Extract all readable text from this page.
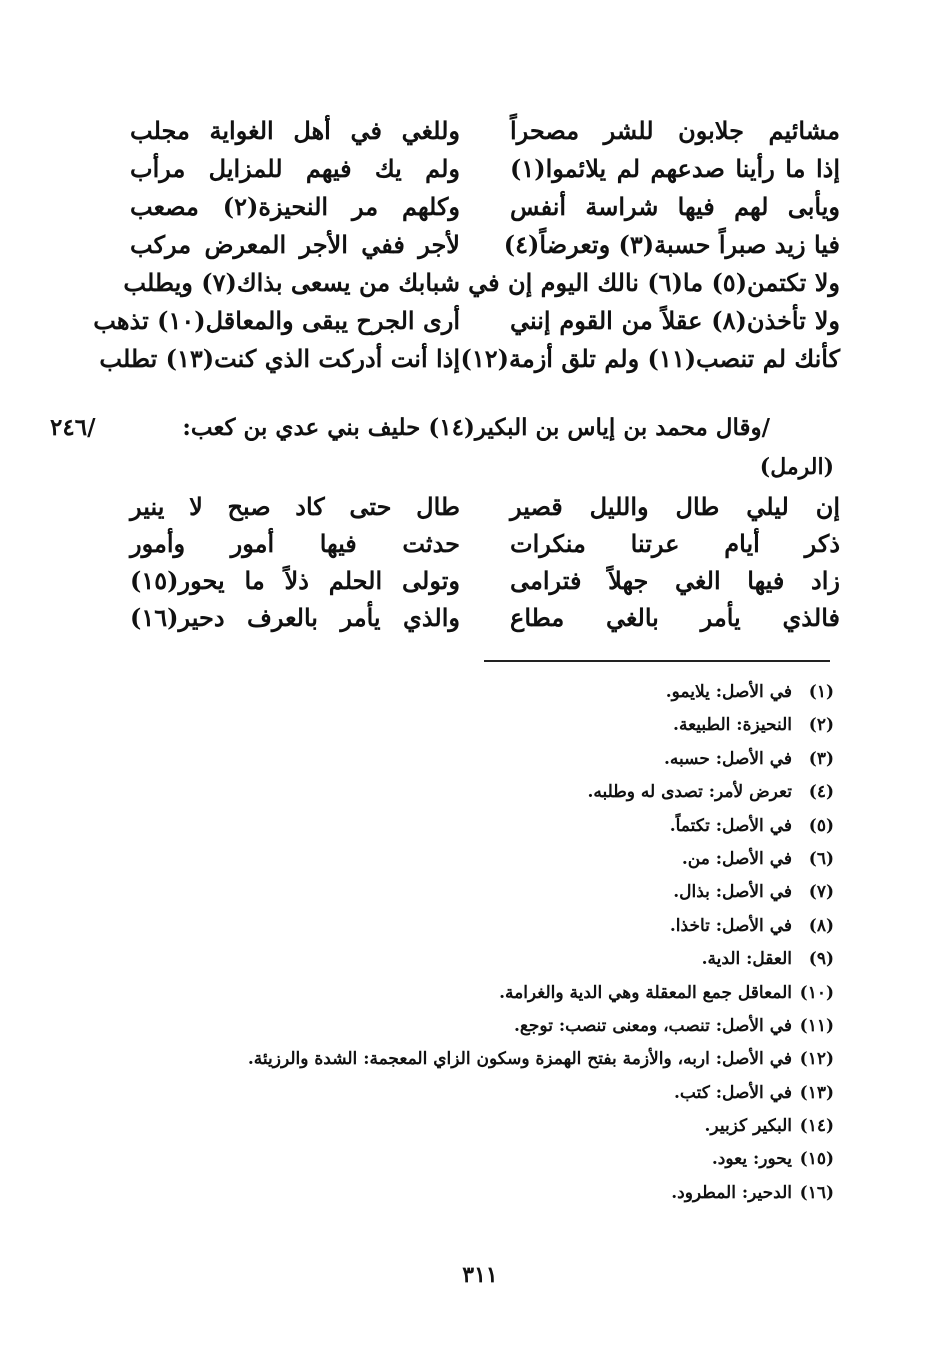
مشائيم جلابون للشر مصحراً
وللغي في أهل الغواية مجلب
إذا ما رأينا صدعهم لم يلائموا(١)
ولم يك فيهم للمزايل مرأب
ويأبى لهم فيها شراسة أنفس
وكلهم مر النحيزة(٢) مصعب
فيا زيد صبراً حسبة(٣) وتعرضاً(٤)
لأجر ففي الأجر المعرض مركب
ولا تكتمن(٥) ما(٦) نالك اليوم إن في
شبابك من يسعى بذاك(٧) ويطلب
ولا تأخذن(٨) عقلاً من القوم إنني
أرى الجرح يبقى والمعاقل(١٠) تذهب
كأنك لم تنصب(١١) ولم تلق أزمة(١٢)
إذا أنت أدركت الذي كنت(١٣) تطلب
/وقال محمد بن إياس بن البكير(١٤) حليف بني عدي بن كعب:
/٢٤٦
(الرمل)
إن ليلي طال والليل قصير
طال حتى كاد صبح لا ينير
ذكر أيام عرتنا منكرات
حدثت فيها أمور وأمور
زاد فيها الغي جهلاً فترامى
وتولى الحلم ذلاً ما يحور(١٥)
فالذي يأمر بالغي مطاع
والذي يأمر بالعرف دحير(١٦)
(١)
في الأصل: يلايمو.
(٢)
النحيزة: الطبيعة.
(٣)
في الأصل: حسبه.
(٤)
تعرض لأمر: تصدى له وطلبه.
(٥)
في الأصل: تكتماً.
(٦)
في الأصل: من.
(٧)
في الأصل: بذال.
(٨)
في الأصل: تاخذا.
(٩)
العقل: الدية.
(١٠)
المعاقل جمع المعقلة وهي الدية والغرامة.
(١١)
في الأصل: تنصب، ومعنى تنصب: توجع.
(١٢)
في الأصل: اربه، والأزمة بفتح الهمزة وسكون الزاي المعجمة: الشدة والرزيئة.
(١٣)
في الأصل: كتب.
(١٤)
البكير كزبير.
(١٥)
يحور: يعود.
(١٦)
الدحير: المطرود.
٣١١
